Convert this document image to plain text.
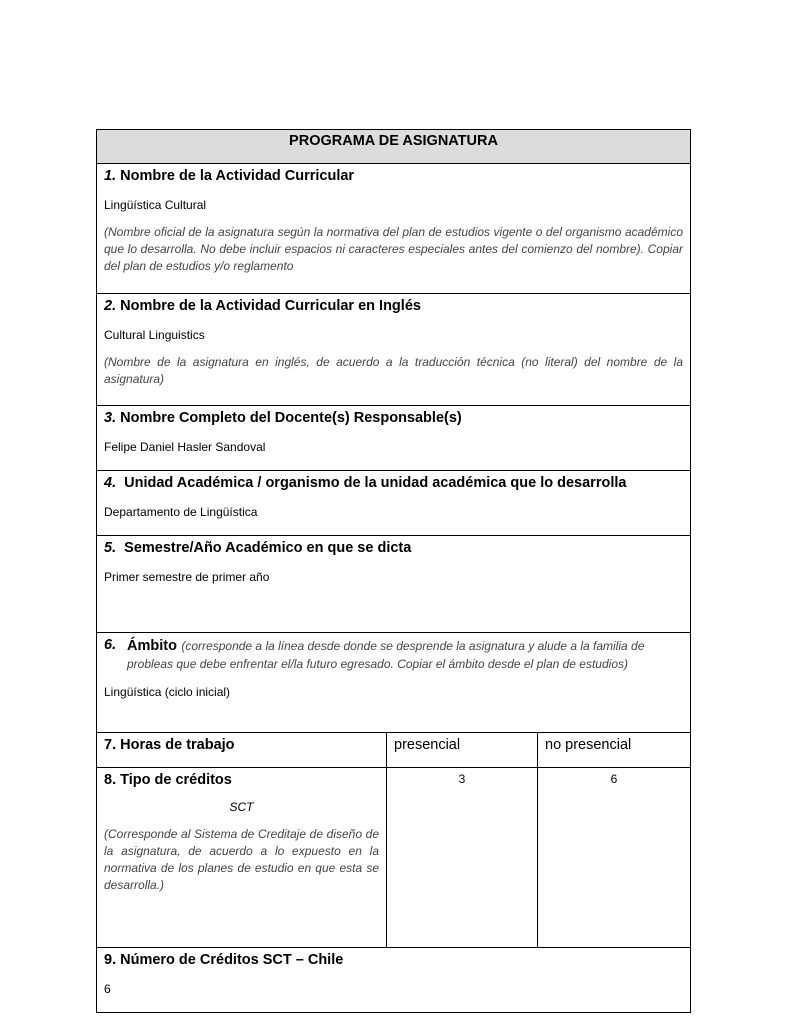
PROGRAMA DE ASIGNATURA

1. Nombre de la Actividad Curricular

Lingüística Cultural
(Nombre oficial de la asignatura según la normativa del plan de estudios vigente o del organismo académico que lo desarrolla. No debe incluir espacios ni caracteres especiales antes del comienzo del nombre). Copiar del plan de estudios y/o reglamento

2. Nombre de la Actividad Curricular en Inglés

Cultural Linguistics
(Nombre de la asignatura en inglés, de acuerdo a la traducción técnica (no literal) del nombre de la asignatura)

3. Nombre Completo del Docente(s) Responsable(s)

Felipe Daniel Hasler Sandoval

4. Unidad Académica / organismo de la unidad académica que lo desarrolla

Departamento de Lingüística

5. Semestre/Año Académico en que se dicta

Primer semestre de primer año
6. Ámbito (corresponde a la línea desde donde se desprende la asignatura y alude a la familia de probleas que debe enfrentar el/la futuro egresado. Copiar el ámbito desde el plan de estudios)
Lingüística (ciclo inicial)

7. Horas de trabajo	presencial	no presencial

8. Tipo de créditos

SCT
(Corresponde al Sistema de Creditaje de diseño de la asignatura, de acuerdo a lo expuesto en la normativa de los planes de estudio en que esta se desarrolla.)
3	6

9. Número de Créditos SCT – Chile

6
